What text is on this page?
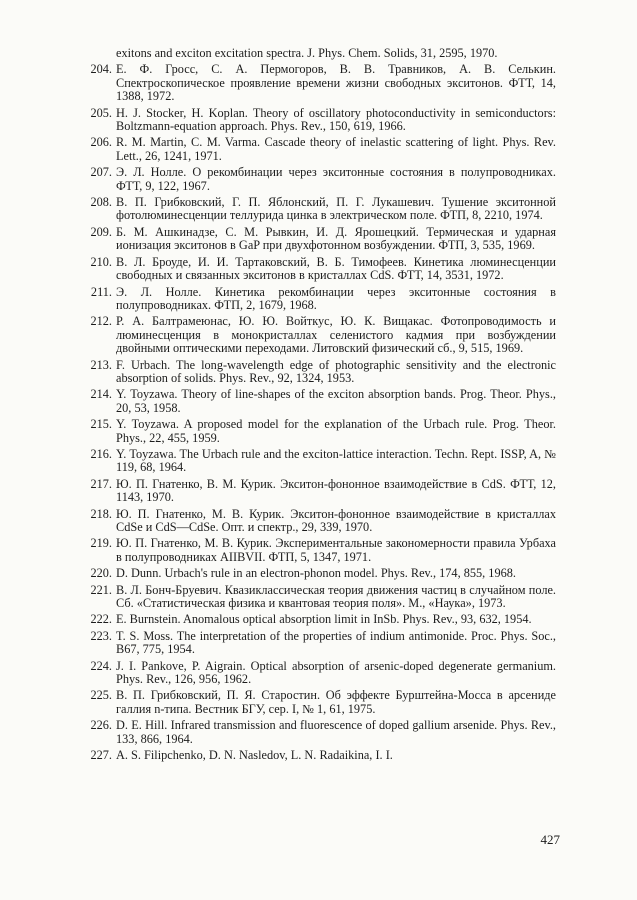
exitons and exciton excitation spectra. J. Phys. Chem. Solids, 31, 2595, 1970.
204. Е. Ф. Гросс, С. А. Пермогоров, В. В. Травников, А. В. Селькин. Спектроскопическое проявление времени жизни свободных экситонов. ФТТ, 14, 1388, 1972.
205. H. J. Stocker, H. Koplan. Theory of oscillatory photoconductivity in semiconductors: Boltzmann-equation approach. Phys. Rev., 150, 619, 1966.
206. R. M. Martin, C. M. Varma. Cascade theory of inelastic scattering of light. Phys. Rev. Lett., 26, 1241, 1971.
207. Э. Л. Нолле. О рекомбинации через экситонные состояния в полупроводниках. ФТТ, 9, 122, 1967.
208. В. П. Грибковский, Г. П. Яблонский, П. Г. Лукашевич. Тушение экситонной фотолюминесценции теллурида цинка в электрическом поле. ФТП, 8, 2210, 1974.
209. Б. М. Ашкинадзе, С. М. Рывкин, И. Д. Ярошецкий. Термическая и ударная ионизация экситонов в GaP при двухфотонном возбуждении. ФТП, 3, 535, 1969.
210. В. Л. Броуде, И. И. Тартаковский, В. Б. Тимофеев. Кинетика люминесценции свободных и связанных экситонов в кристаллах CdS. ФТТ, 14, 3531, 1972.
211. Э. Л. Нолле. Кинетика рекомбинации через экситонные состояния в полупроводниках. ФТП, 2, 1679, 1968.
212. Р. А. Балтрамеюнас, Ю. Ю. Войткус, Ю. К. Вищакас. Фотопроводимость и люминесценция в монокристаллах селенистого кадмия при возбуждении двойными оптическими переходами. Литовский физический сб., 9, 515, 1969.
213. F. Urbach. The long-wavelength edge of photographic sensitivity and the electronic absorption of solids. Phys. Rev., 92, 1324, 1953.
214. Y. Toyzawa. Theory of line-shapes of the exciton absorption bands. Prog. Theor. Phys., 20, 53, 1958.
215. Y. Toyzawa. A proposed model for the explanation of the Urbach rule. Prog. Theor. Phys., 22, 455, 1959.
216. Y. Toyzawa. The Urbach rule and the exciton-lattice interaction. Techn. Rept. ISSP, A, № 119, 68, 1964.
217. Ю. П. Гнатенко, В. М. Курик. Экситон-фононное взаимодействие в CdS. ФТТ, 12, 1143, 1970.
218. Ю. П. Гнатенко, М. В. Курик. Экситон-фононное взаимодействие в кристаллах CdSe и CdS—CdSe. Опт. и спектр., 29, 339, 1970.
219. Ю. П. Гнатенко, М. В. Курик. Экспериментальные закономерности правила Урбаха в полупроводниках AIIBVII. ФТП, 5, 1347, 1971.
220. D. Dunn. Urbach's rule in an electron-phonon model. Phys. Rev., 174, 855, 1968.
221. В. Л. Бонч-Бруевич. Квазиклассическая теория движения частиц в случайном поле. Сб. «Статистическая физика и квантовая теория поля». М., «Наука», 1973.
222. E. Burnstein. Anomalous optical absorption limit in InSb. Phys. Rev., 93, 632, 1954.
223. T. S. Moss. The interpretation of the properties of indium antimonide. Proc. Phys. Soc., B67, 775, 1954.
224. J. I. Pankove, P. Aigrain. Optical absorption of arsenic-doped degenerate germanium. Phys. Rev., 126, 956, 1962.
225. В. П. Грибковский, П. Я. Старостин. Об эффекте Бурштейна-Мосса в арсениде галлия n-типа. Вестник БГУ, сер. I, № 1, 61, 1975.
226. D. E. Hill. Infrared transmission and fluorescence of doped gallium arsenide. Phys. Rev., 133, 866, 1964.
227. A. S. Filipchenko, D. N. Nasledov, L. N. Radaikina, I. I.
427
